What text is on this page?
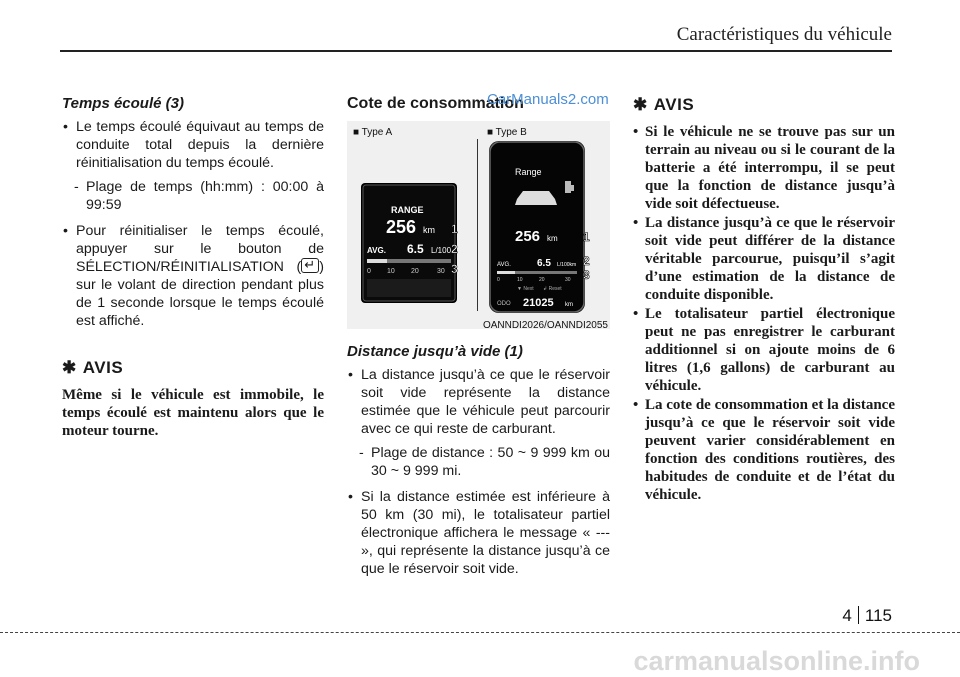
Caractéristiques du véhicule
Temps écoulé (3)
• Le temps écoulé équivaut au temps de conduite total depuis la dernière réinitialisation du temps écoulé.
- Plage de temps (hh:mm) : 00:00 à 99:59
• Pour réinitialiser le temps écoulé, appuyer sur le bouton de SÉLECTION/RÉINITIALISATION (↵ ) sur le volant de direction pendant plus de 1 seconde lorsque le temps écoulé est affiché.
✱ AVIS
Même si le véhicule est immobile, le temps écoulé est maintenu alors que le moteur tourne.
Cote de consommation
CarManuals2.com
■ Type A	■ Type B
RANGE
256 km
AVG. 6.5 L/100
0 10 20	30
1
2
3
Range
256 km
AVG.	6.5 L/100km
0	10	20	30
▼ Next ↲ Reset
ODO 21025 km
1
2
3
OANNDI2026/OANNDI2055
Distance jusqu’à vide (1)
• La distance jusqu’à ce que le réservoir soit vide représente la distance estimée que le véhicule peut parcourir avec ce qui reste de carburant.
- Plage de distance : 50 ~ 9 999 km ou 30 ~ 9 999 mi.
• Si la distance estimée est inférieure à 50 km (30 mi), le totalisateur partiel électronique affichera le message « --- », qui représente la distance jusqu’à ce que le réservoir soit vide.
✱ AVIS
• Si le véhicule ne se trouve pas sur un terrain au niveau ou si le courant de la batterie a été interrompu, il se peut que la fonction de distance jusqu’à vide soit défectueuse.
• La distance jusqu’à ce que le réservoir soit vide peut différer de la distance véritable parcourue, puisqu’il s’agit d’une estimation de la distance de conduite disponible.
• Le totalisateur partiel électronique peut ne pas enregistrer le carburant additionnel si on ajoute moins de 6 litres (1,6 gallons) de carburant au véhicule.
• La cote de consommation et la distance jusqu’à ce que le réservoir soit vide peuvent varier considérablement en fonction des conditions routières, des habitudes de conduite et de l’état du véhicule.
4 115
carmanualsonline.info
